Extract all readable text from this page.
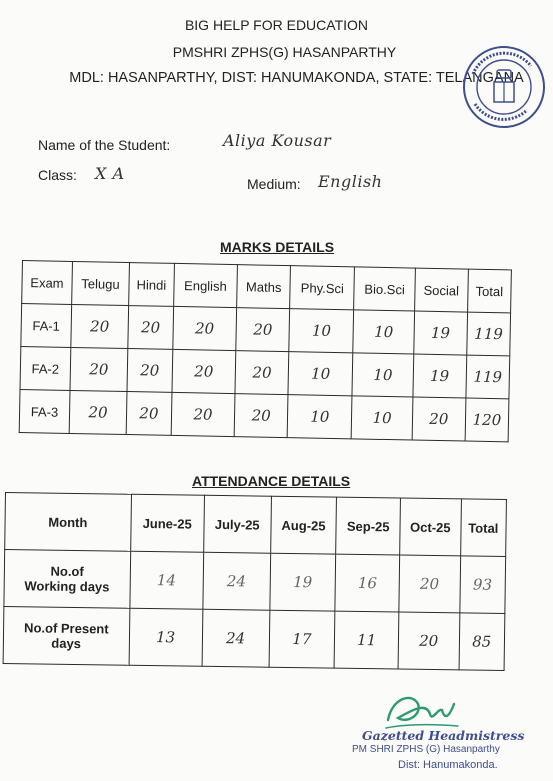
BIG HELP FOR EDUCATION
PMSHRI ZPHS(G) HASANPARTHY
MDL: HASANPARTHY, DIST: HANUMAKONDA, STATE: TELANGANA
Name of the Student:	Aliya Kousar
Class: X A
Medium: English
MARKS DETAILS
Exam	Telugu	Hindi	English	Maths	Phy.Sci	Bio.Sci	Social	Total
FA-1	20	20	20	20	10	10	19	119
FA-2	20	20	20	20	10	10	19	119
FA-3	20	20	20	20	10	10	20	120
ATTENDANCE DETAILS
Month	June-25	July-25	Aug-25	Sep-25	Oct-25	Total

No.of
Working days	14	24	19	16	20	93

No.of Present
days	13	24	17	11	20	85
Gazetted Headmistress
PM SHRI ZPHS (G) Hasanparthy
Dist: Hanumakonda.
